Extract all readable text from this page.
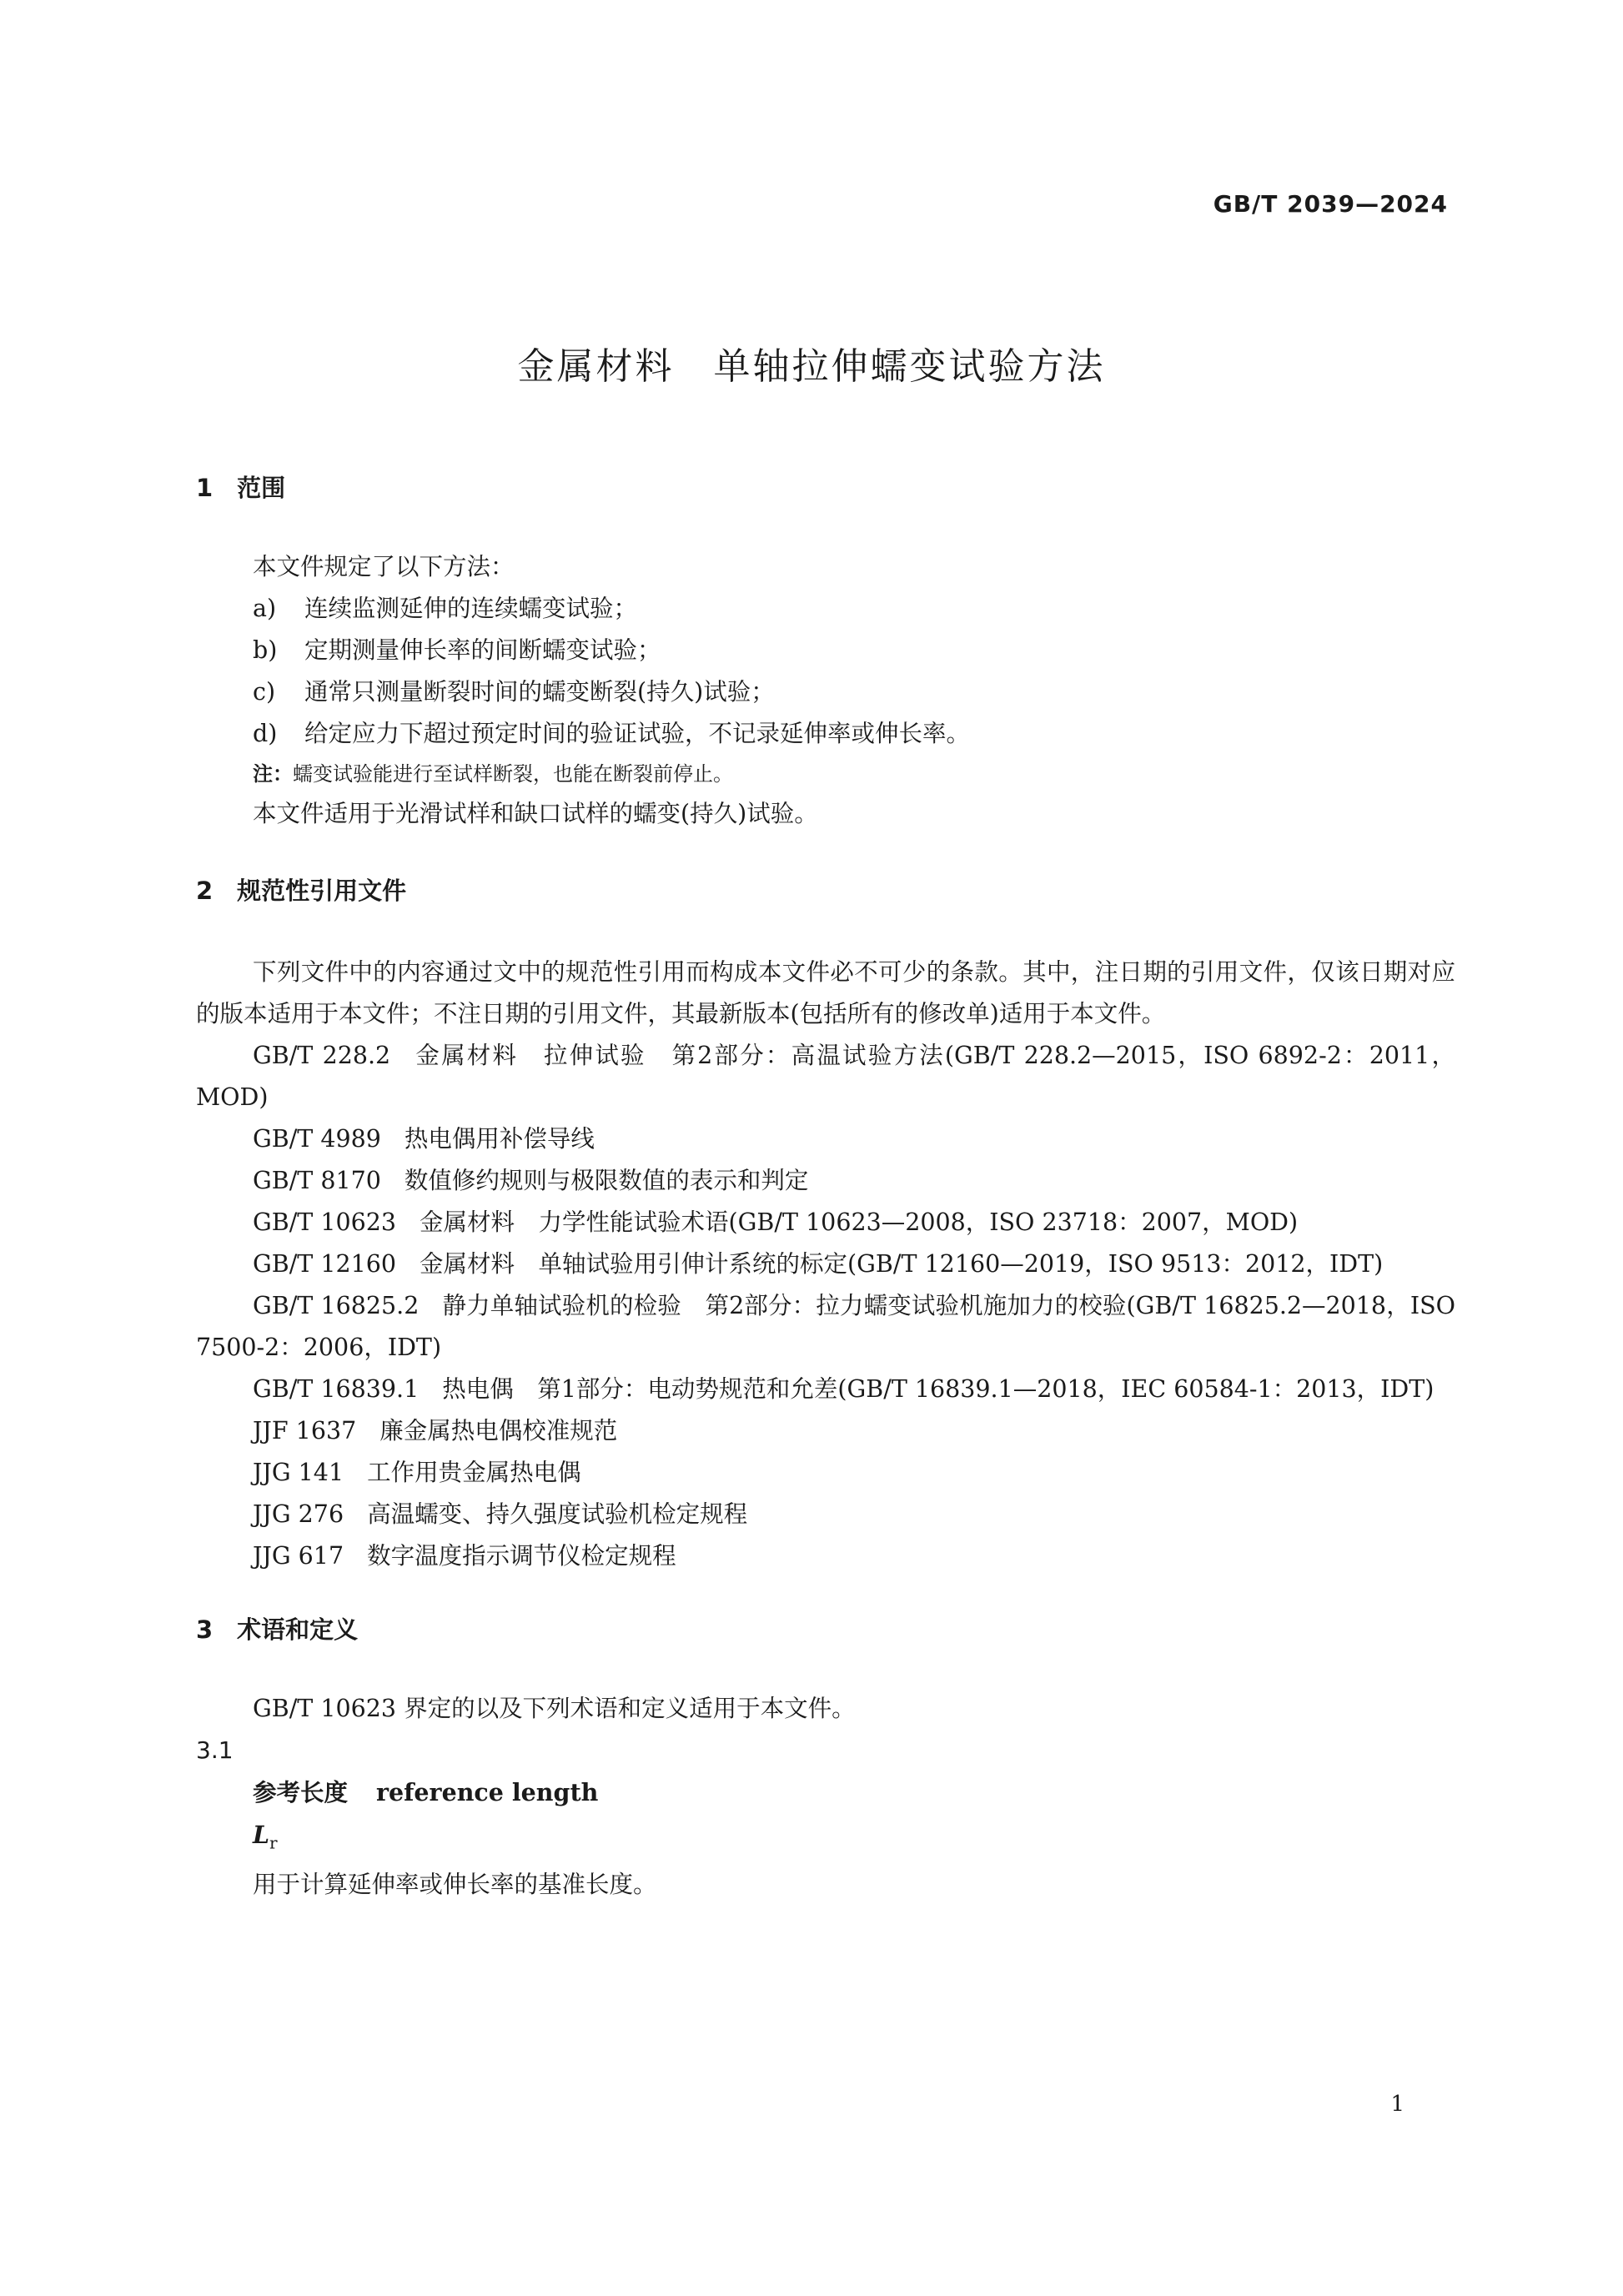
GB/T 2039—2024
金属材料　单轴拉伸蠕变试验方法

1　范围

本文件规定了以下方法：

a) 连续监测延伸的连续蠕变试验；

b) 定期测量伸长率的间断蠕变试验；

c) 通常只测量断裂时间的蠕变断裂(持久)试验；

d) 给定应力下超过预定时间的验证试验，不记录延伸率或伸长率。

注：蠕变试验能进行至试样断裂，也能在断裂前停止。

本文件适用于光滑试样和缺口试样的蠕变(持久)试验。

2　规范性引用文件

下列文件中的内容通过文中的规范性引用而构成本文件必不可少的条款。其中，注日期的引用文件，仅该日期对应的版本适用于本文件；不注日期的引用文件，其最新版本(包括所有的修改单)适用于本文件。

GB/T 228.2 金属材料　拉伸试验　第2部分：高温试验方法(GB/T 228.2—2015，ISO 6892-2：2011，MOD)

GB/T 4989 热电偶用补偿导线

GB/T 8170 数值修约规则与极限数值的表示和判定

GB/T 10623 金属材料　力学性能试验术语(GB/T 10623—2008，ISO 23718：2007，MOD)

GB/T 12160 金属材料　单轴试验用引伸计系统的标定(GB/T 12160—2019，ISO 9513：2012，IDT)

GB/T 16825.2 静力单轴试验机的检验　第2部分：拉力蠕变试验机施加力的校验(GB/T 16825.2—2018，ISO 7500-2：2006，IDT)

GB/T 16839.1 热电偶　第1部分：电动势规范和允差(GB/T 16839.1—2018，IEC 60584-1：2013，IDT)

JJF 1637 廉金属热电偶校准规范

JJG 141 工作用贵金属热电偶

JJG 276 高温蠕变、持久强度试验机检定规程

JJG 617 数字温度指示调节仪检定规程

3　术语和定义

GB/T 10623 界定的以及下列术语和定义适用于本文件。

3.1

参考长度 reference length

$L_r$

用于计算延伸率或伸长率的基准长度。

1
